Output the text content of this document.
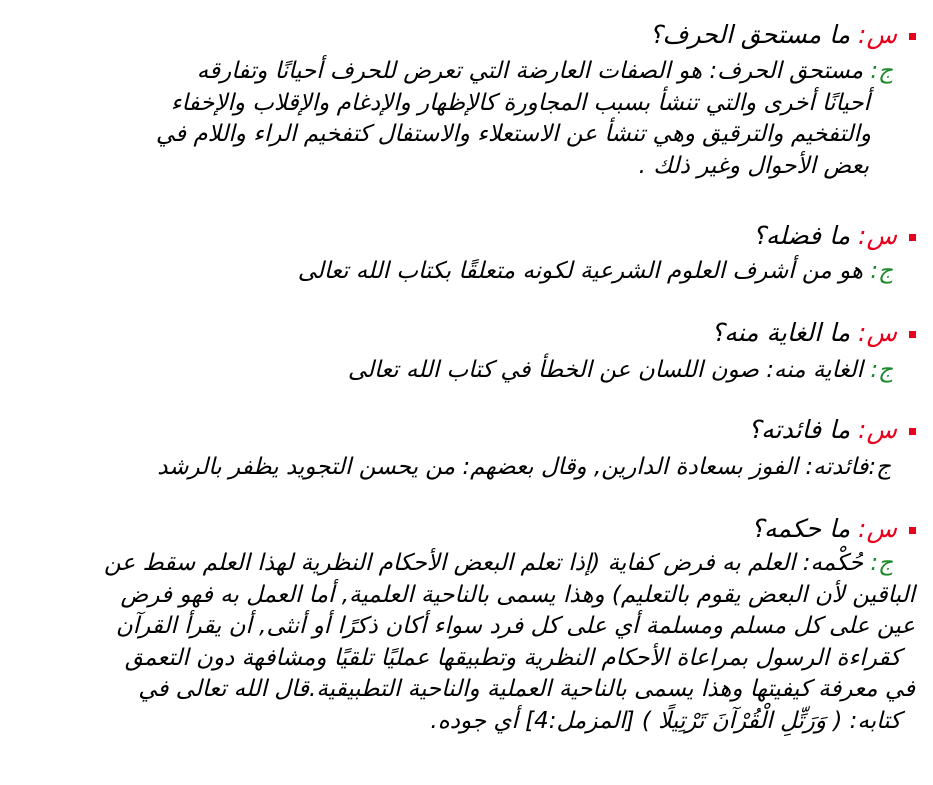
س: ما مستحق الحرف؟
ج: مستحق الحرف: هو الصفات العارضة التي تعرض للحرف أحيانًا وتفارقه
أحيانًا أخرى والتي تنشأ بسبب المجاورة كالإظهار والإدغام والإقلاب والإخفاء
والتفخيم والترقيق وهي تنشأ عن الاستعلاء والاستفال كتفخيم الراء واللام في
بعض الأحوال وغير ذلك .
س: ما فضله؟
ج: هو من أشرف العلوم الشرعية لكونه متعلقًا بكتاب الله تعالى
س: ما الغاية منه؟
ج: الغاية منه: صون اللسان عن الخطأ في كتاب الله تعالى
س: ما فائدته؟
ج:فائدته: الفوز بسعادة الدارين, وقال بعضهم: من يحسن التجويد يظفر بالرشد
س: ما حكمه؟
ج: حُكْمه: العلم به فرض كفاية (إذا تعلم البعض الأحكام النظرية لهذا العلم سقط عن
الباقين لأن البعض يقوم بالتعليم) وهذا يسمى بالناحية العلمية, أما العمل به فهو فرض
عين على كل مسلم ومسلمة أي على كل فرد سواء أكان ذكرًا أو أنثى, أن يقرأ القرآن
كقراءة الرسول بمراعاة الأحكام النظرية وتطبيقها عمليًا تلقيًا ومشافهة دون التعمق
في معرفة كيفيتها وهذا يسمى بالناحية العملية والناحية التطبيقية.قال الله تعالى في
كتابه: ( وَرَتِّلِ الْقُرْآنَ تَرْتِيلًا ) [المزمل:4] أي جوده.
